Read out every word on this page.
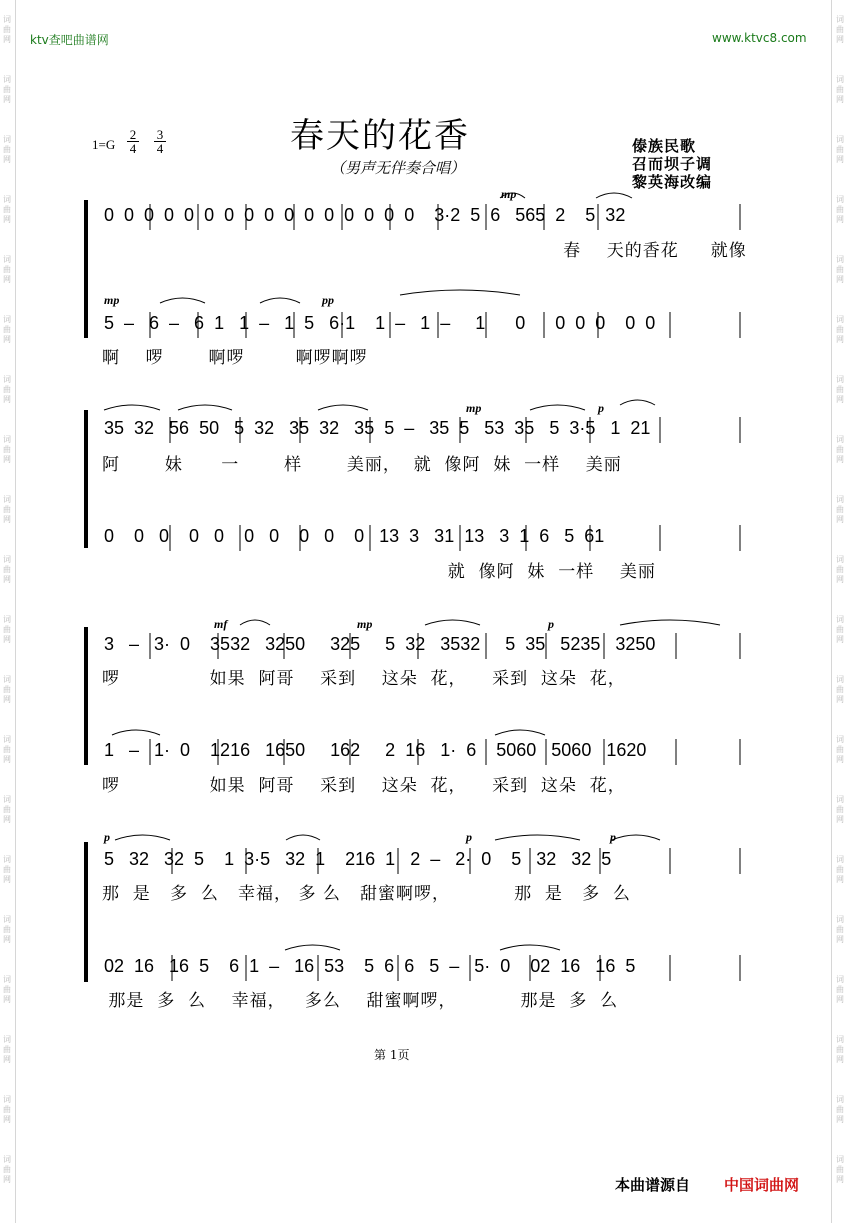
词
曲
网
词
曲
网
词
曲
网
词
曲
网
词
曲
网
词
曲
网
词
曲
网
词
曲
网
词
曲
网
词
曲
网
词
曲
网
词
曲
网
词
曲
网
词
曲
网
词
曲
网
词
曲
网
词
曲
网
词
曲
网
词
曲
网
词
曲
网
词
曲
网
词
曲
网
词
曲
网
词
曲
网
词
曲
网
词
曲
网
词
曲
网
词
曲
网
词
曲
网
词
曲
网
词
曲
网
词
曲
网
词
曲
网
词
曲
网
词
曲
网
词
曲
网
词
曲
网
词
曲
网
词
曲
网
词
曲
网
ktv查吧曲谱网	www.ktvc8.com
春天的花香
（男声无伴奏合唱）
$1=G \frac{2}{4} \frac{3}{4}$	傣族民歌
召而坝子调
黎英海改编
0  0  0  0  0  0  0  0  0  0  0  0  0  0  0  0    3·2  5  6   565  2    5  32
春    天的香花     就像
5  –   6  –   6  1   1  –   1  5   6·1    1  –   1  –     1      0      0  0  0    0  0
啊    啰       啊啰        啊啰啊啰
35  32   56  50   5  32   35  32   35  5  –   35  5   53  35   5  3·5   1  21
阿       妹      一       样       美丽，  就  像阿  妹  一样    美丽
0    0   0    0   0    0   0    0   0    0   13  3   31  13   3  1  6   5  61
就  像阿  妹  一样    美丽
3   –   3·  0    3532   3250     325     5  32   3532     5  35   5235   3250
啰              如果  阿哥    采到    这朵  花，    采到  这朵  花，
1   –   1·  0    1216   1650     162     2  16   1·  6    5060   5060   1620
啰              如果  阿哥    采到    这朵  花，    采到  这朵  花，
5   32   32  5    1  3·5   32  1    216  1   2  –   2·  0    5   32   32  5
那  是   多  么   幸福， 多 么   甜蜜啊啰，          那  是   多  么
02  16   16  5    6  1  –   16  53    5  6  6   5  –   5·  0    02  16   16  5
那是  多  么    幸福，   多么    甜蜜啊啰，          那是  多  么
mp
mp	pp
mp	p
mf	mp	p
p	p	p
第 1页
本曲谱源自 中国词曲网
